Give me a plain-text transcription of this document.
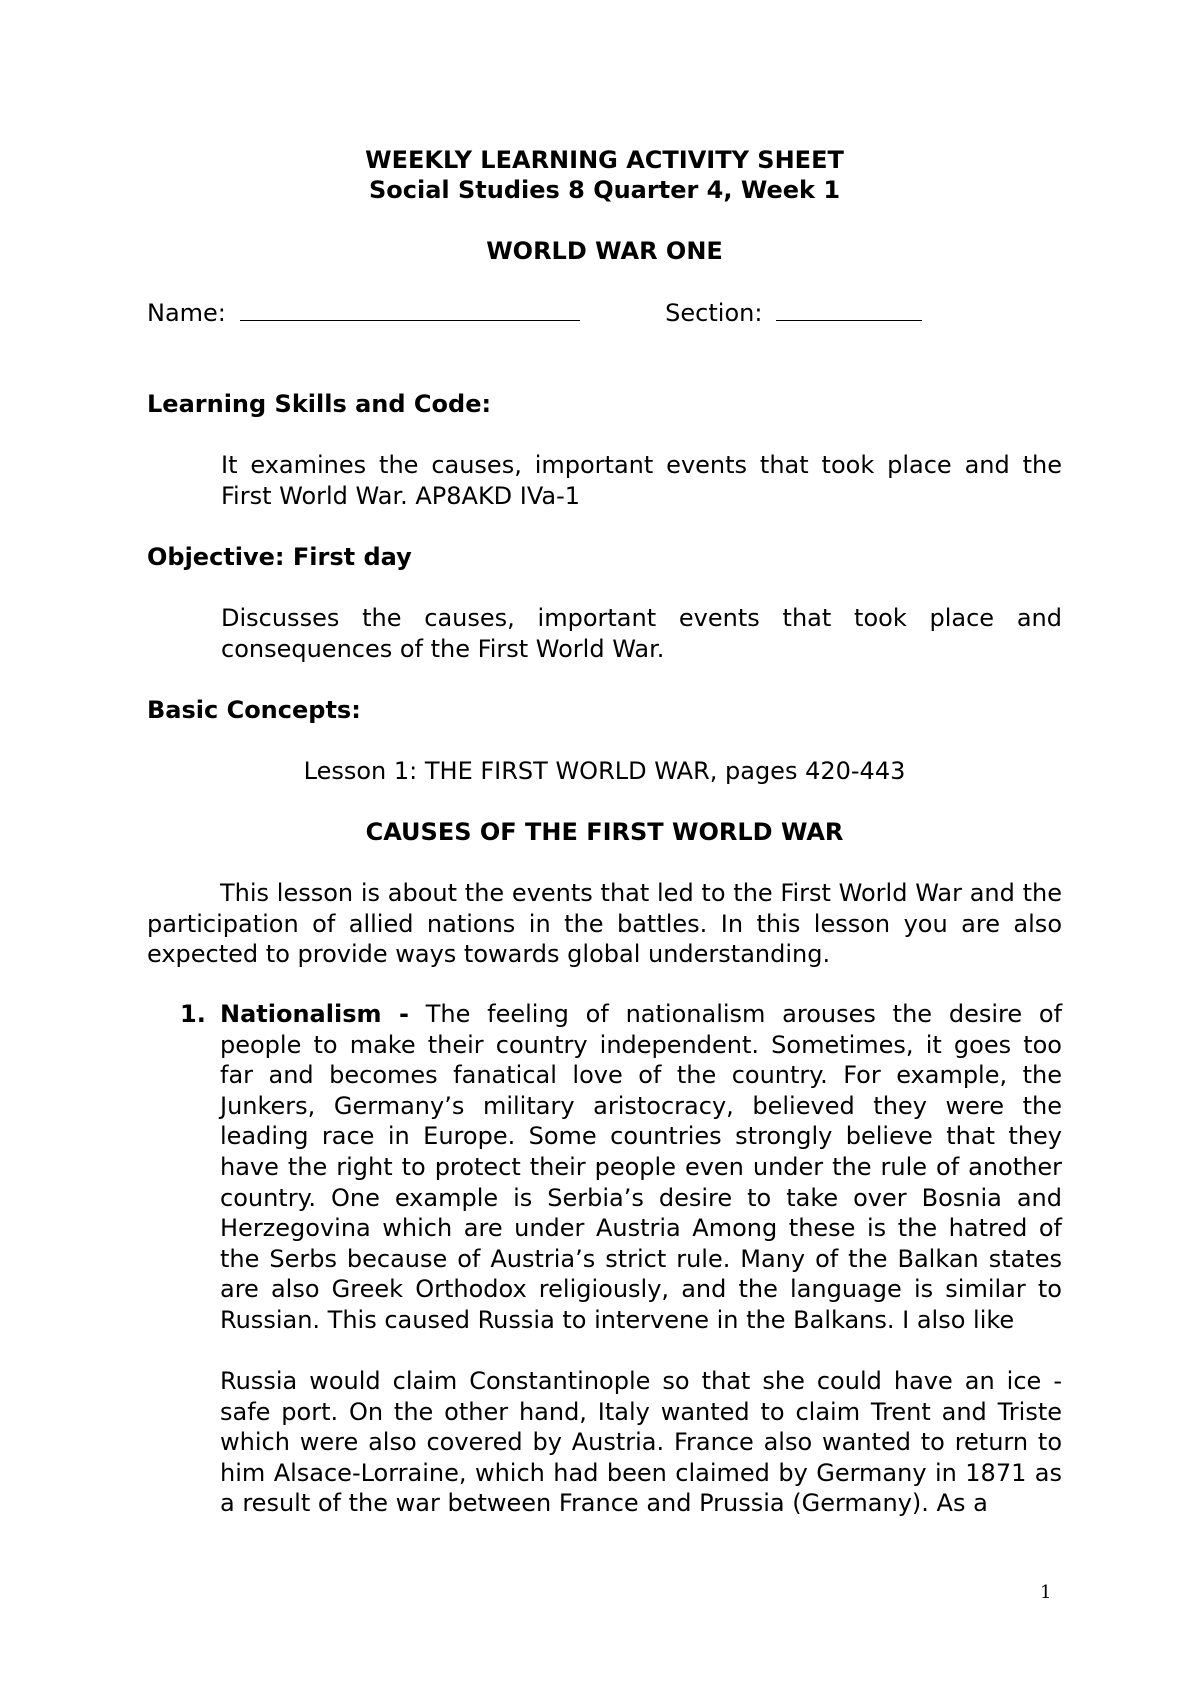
WEEKLY LEARNING ACTIVITY SHEET
Social Studies 8 Quarter 4, Week 1
WORLD WAR ONE
Name:	Section:
Learning Skills and Code:
It examines the causes, important events that took place and the First World War. AP8AKD IVa-1
Objective: First day
Discusses the causes, important events that took place and consequences of the First World War.
Basic Concepts:
Lesson 1: THE FIRST WORLD WAR, pages 420-443
CAUSES OF THE FIRST WORLD WAR
This lesson is about the events that led to the First World War and the participation of allied nations in the battles. In this lesson you are also expected to provide ways towards global understanding.
1. Nationalism - The feeling of nationalism arouses the desire of people to make their country independent. Sometimes, it goes too far and becomes fanatical love of the country. For example, the Junkers, Germany’s military aristocracy, believed they were the leading race in Europe. Some countries strongly believe that they have the right to protect their people even under the rule of another country. One example is Serbia’s desire to take over Bosnia and Herzegovina which are under Austria Among these is the hatred of the Serbs because of Austria’s strict rule. Many of the Balkan states are also Greek Orthodox religiously, and the language is similar to Russian. This caused Russia to intervene in the Balkans. I also like
Russia would claim Constantinople so that she could have an ice -safe port. On the other hand, Italy wanted to claim Trent and Triste which were also covered by Austria. France also wanted to return to him Alsace-Lorraine, which had been claimed by Germany in 1871 as a result of the war between France and Prussia (Germany). As a
1
